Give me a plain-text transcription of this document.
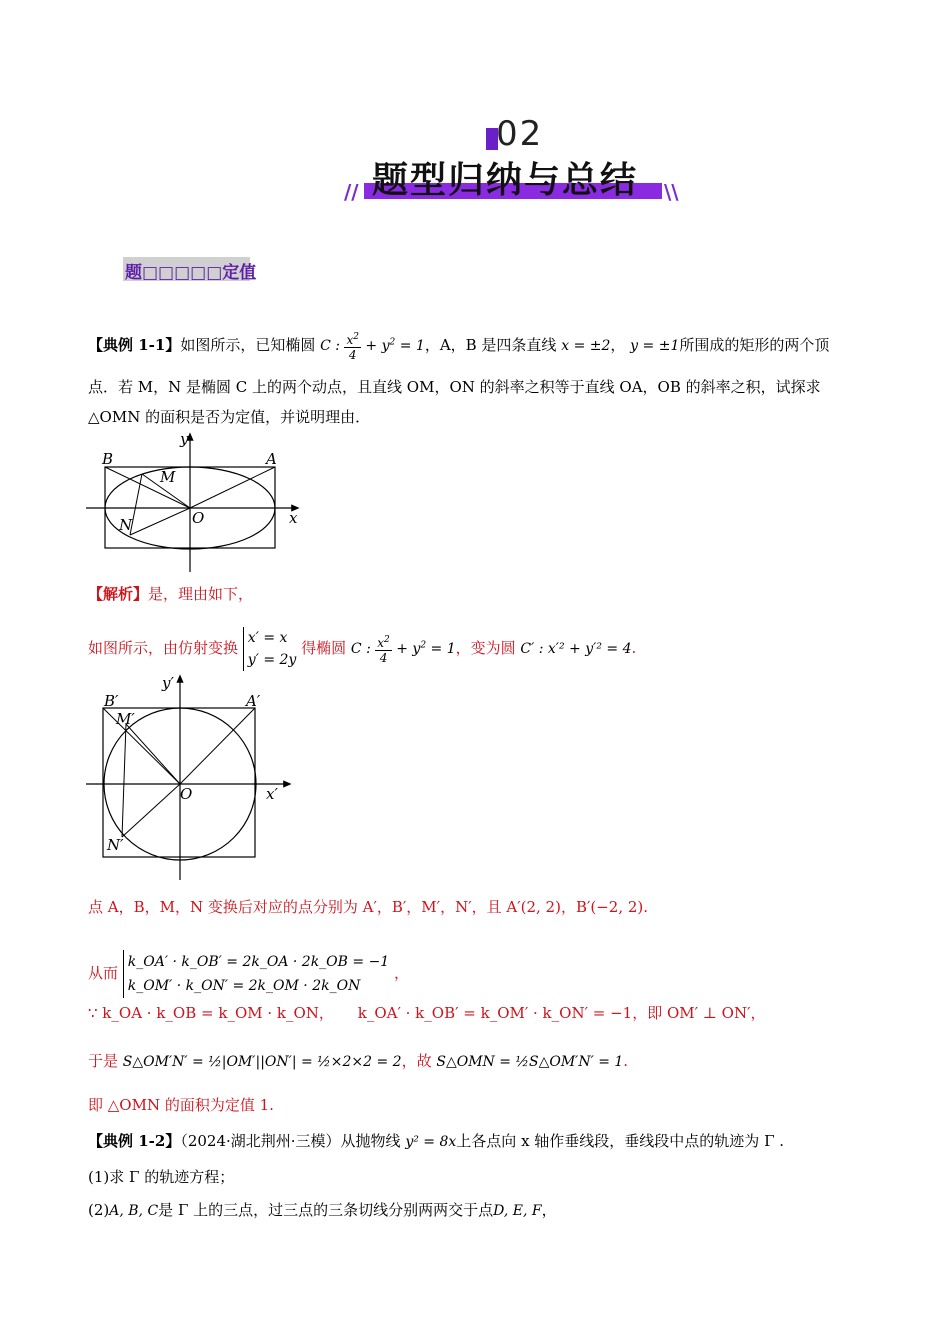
02
题型归纳与总结
//	\\
题□□□□□定值
【典例 1-1】如图所示，已知椭圆 C : $\frac{x^2}{4} + y^2 = 1$，A，B 是四条直线 x = ±2， y = ±1所围成的矩形的两个顶
点．若 M，N 是椭圆 C 上的两个动点，且直线 OM，ON 的斜率之积等于直线 OA，OB 的斜率之积，试探求
△OMN 的面积是否为定值，并说明理由．
y
B	A
M
N	O	x
【解析】是，理由如下，
如图所示，由仿射变换
x′ = x
y′ = 2y
得椭圆 C : $\frac{x^2}{4} + y^2 = 1$，变为圆 C′ : x′² + y′² = 4.
y′
B′	A′
M′
N′
O	x′
点 A，B，M，N 变换后对应的点分别为 A′，B′，M′，N′，且 A′(2, 2)，B′(−2, 2).
从而
k_OA′ · k_OB′ = 2k_OA · 2k_OB = −1
k_OM′ · k_ON′ = 2k_OM · 2k_ON
，
∵ k_OA · k_OB = k_OM · k_ON，     k_OA′ · k_OB′ = k_OM′ · k_ON′ = −1，即 OM′ ⊥ ON′，
于是 S△OM′N′ = ½|OM′||ON′| = ½×2×2 = 2，故 S△OMN = ½S△OM′N′ = 1.
即 △OMN 的面积为定值 1.
【典例 1-2】（2024·湖北荆州·三模）从抛物线 y² = 8x上各点向 x 轴作垂线段，垂线段中点的轨迹为 Γ .
(1)求 Γ 的轨迹方程；
(2)A, B, C是 Γ 上的三点，过三点的三条切线分别两两交于点D, E, F，
